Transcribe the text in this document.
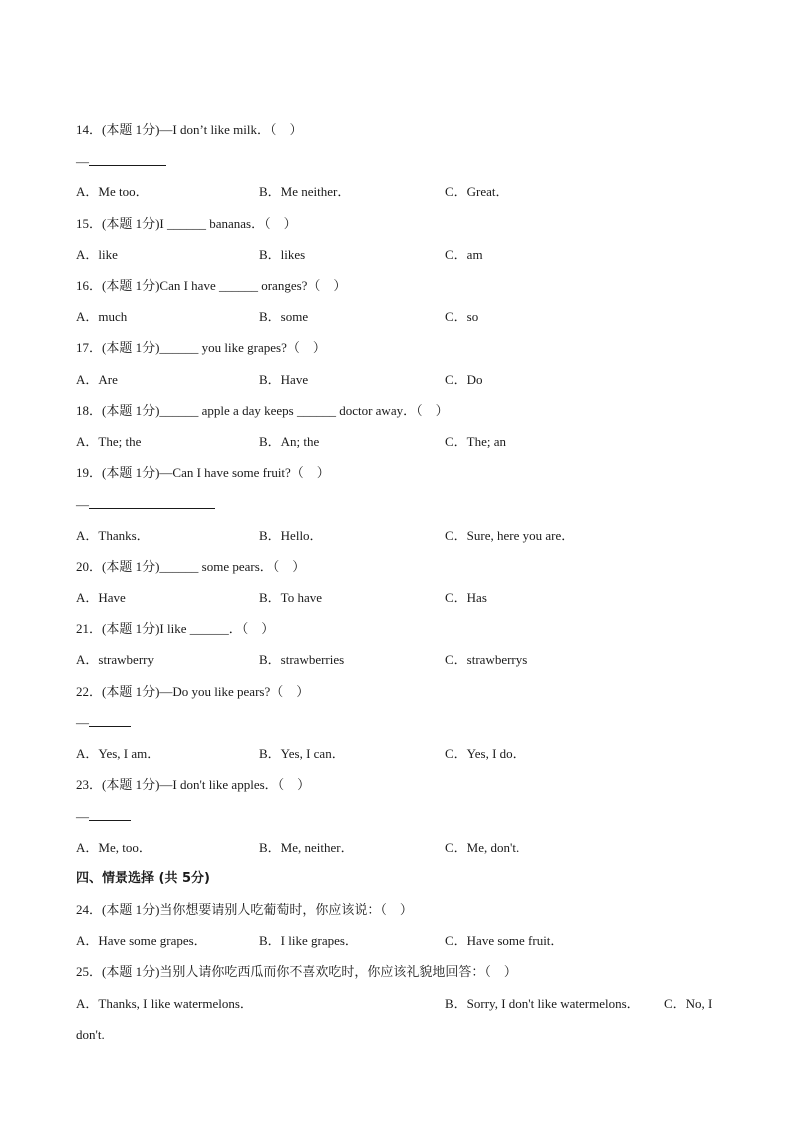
14．(本题 1分)—I don’t like milk．（　）
—
A．Me too．	B．Me neither．	C．Great．
15．(本题 1分)I ______ bananas．（　）
A．like	B．likes	C．am
16．(本题 1分)Can I have ______ oranges?（　）
A．much	B．some	C．so
17．(本题 1分)______ you like grapes?（　）
A．Are	B．Have	C．Do
18．(本题 1分)______ apple a day keeps ______ doctor away．（　）
A．The; the	B．An; the	C．The; an
19．(本题 1分)—Can I have some fruit?（　）
—
A．Thanks．	B．Hello．	C．Sure, here you are．
20．(本题 1分)______ some pears．（　）
A．Have	B．To have	C．Has
21．(本题 1分)I like ______．（　）
A．strawberry	B．strawberries	C．strawberrys
22．(本题 1分)—Do you like pears?（　）
—
A．Yes, I am．	B．Yes, I can．	C．Yes, I do．
23．(本题 1分)—I don't like apples．（　）
—
A．Me, too．	B．Me, neither．	C．Me, don't.
四、情景选择 (共 5分)
24．(本题 1分)当你想要请别人吃葡萄时，你应该说：（　）
A．Have some grapes．	B．I like grapes．	C．Have some fruit．
25．(本题 1分)当别人请你吃西瓜而你不喜欢吃时，你应该礼貌地回答：（　）
A．Thanks, I like watermelons．	B．Sorry, I don't like watermelons． C．No, I
don't.
